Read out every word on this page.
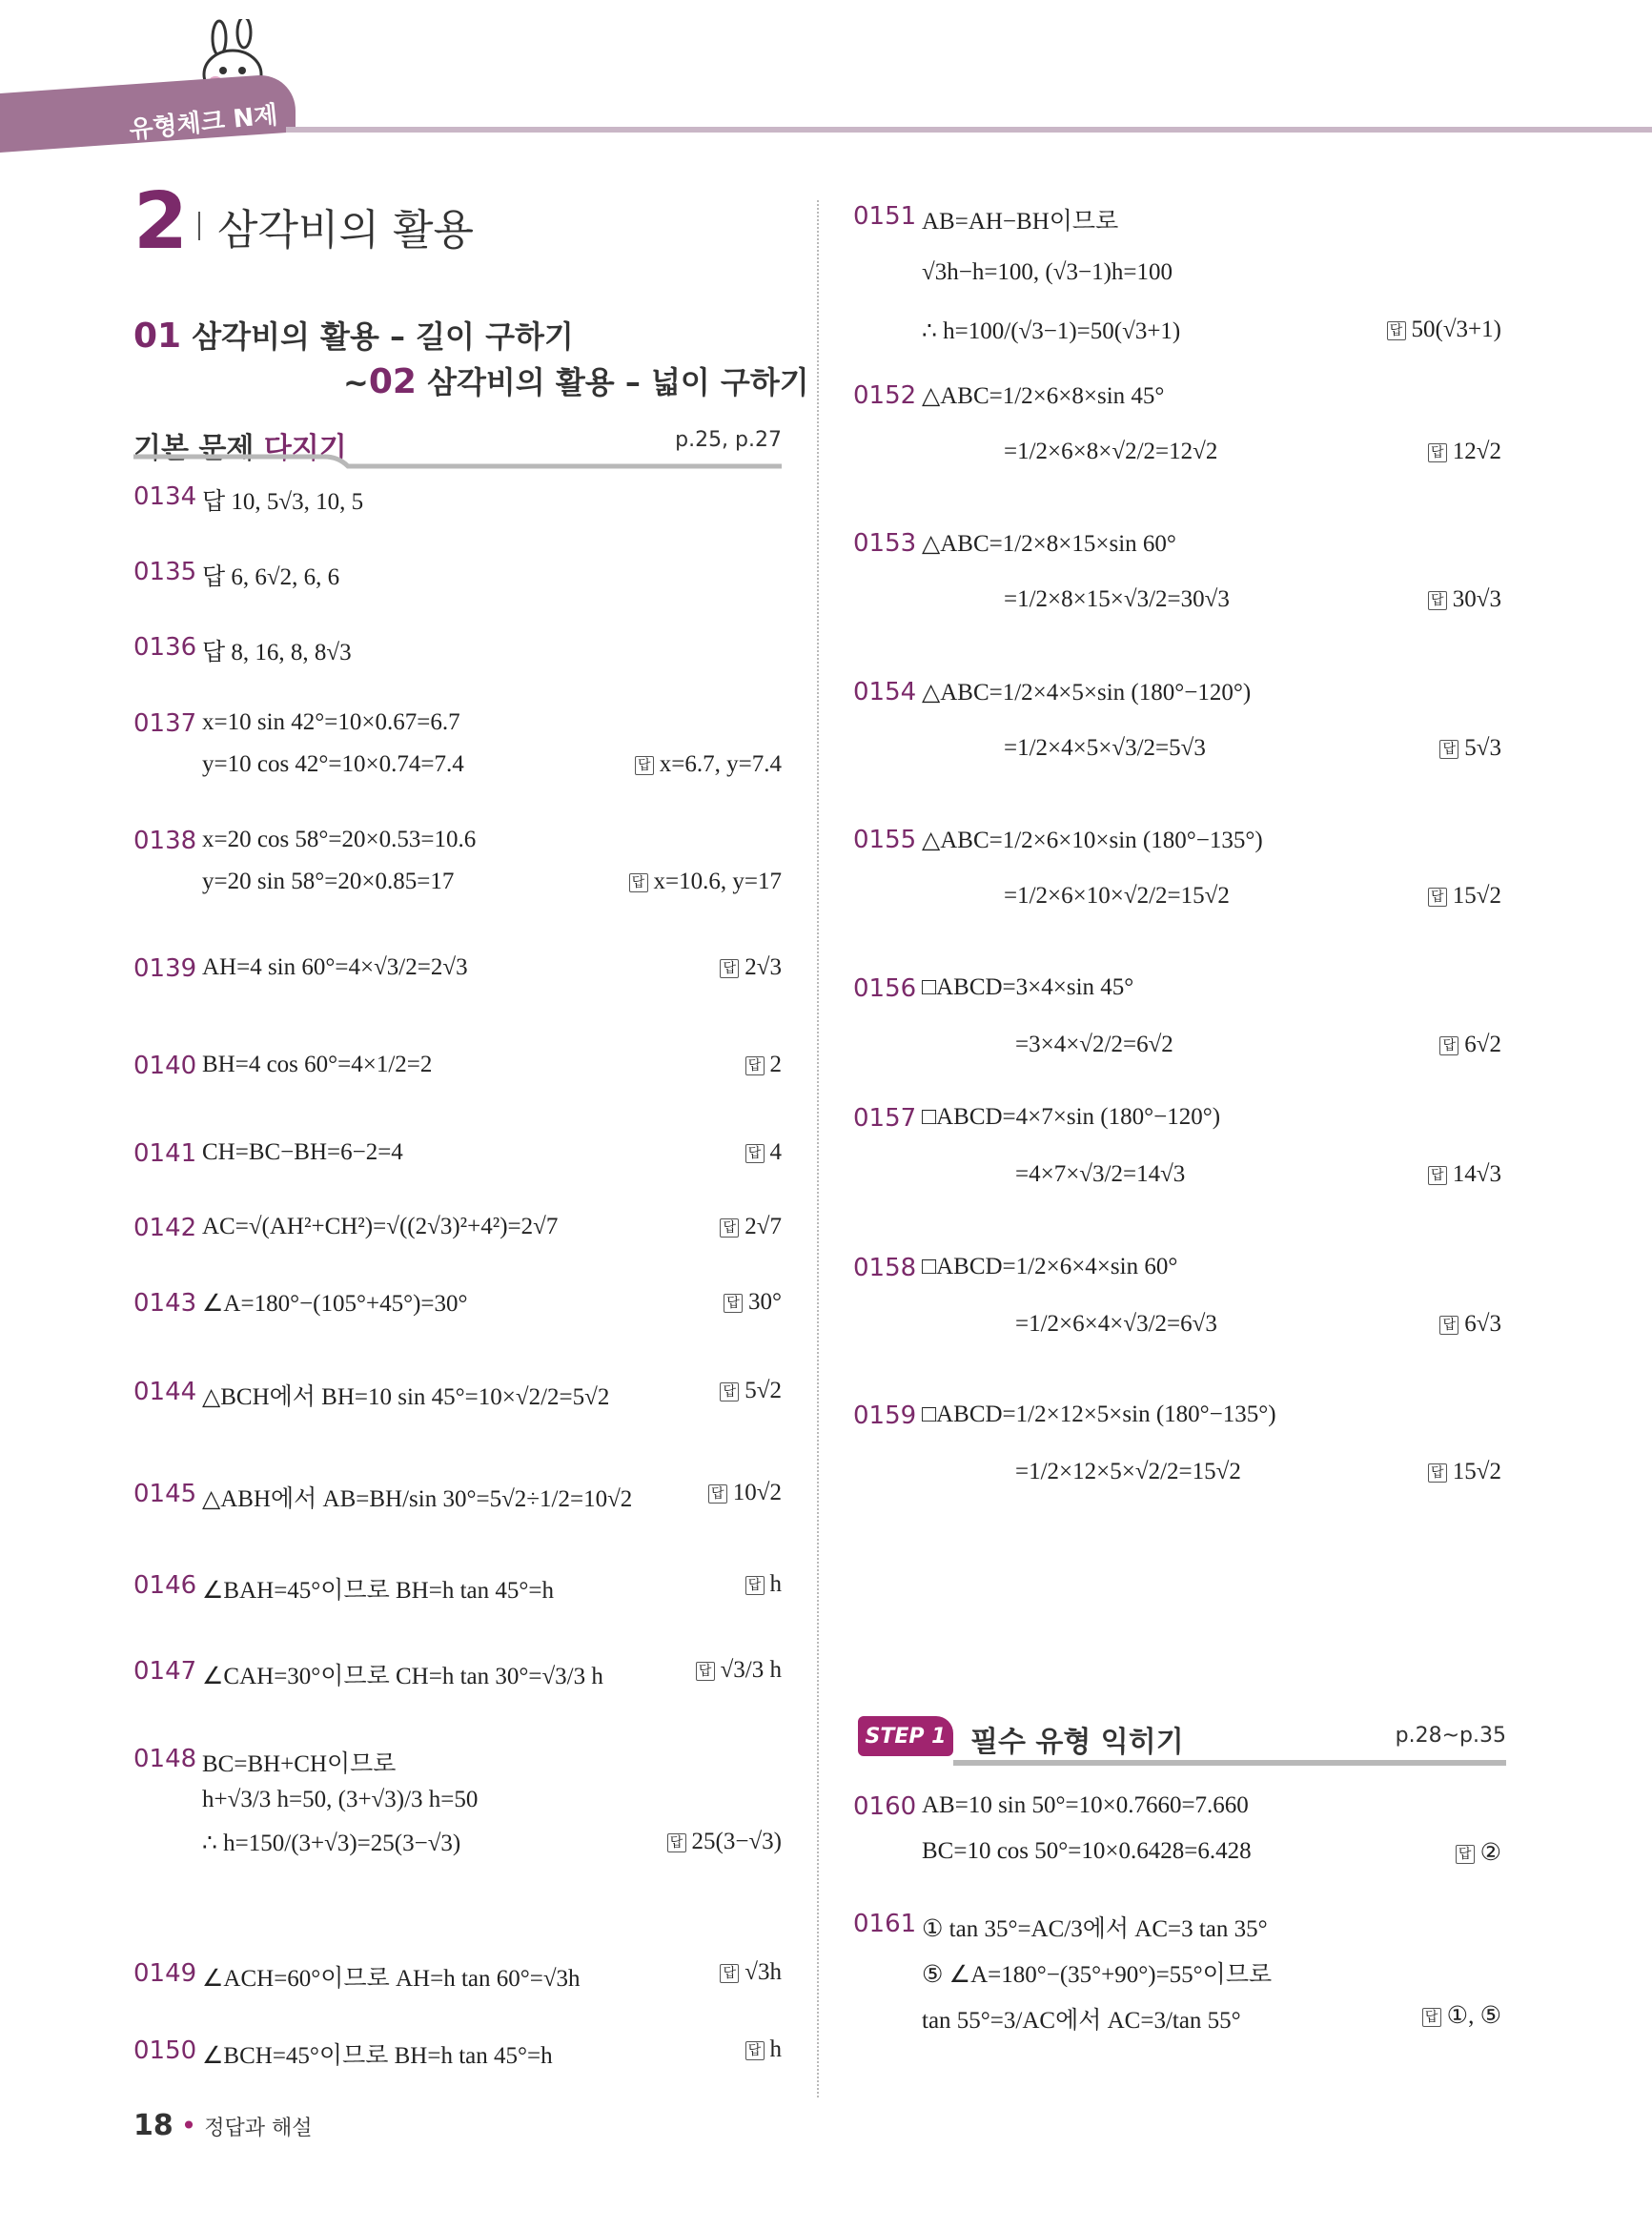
유형체크 N제
2 삼각비의 활용
01 삼각비의 활용 – 길이 구하기
~02 삼각비의 활용 – 넓이 구하기
기본 문제 다지기	p.25, p.27
0134 답 10, 5√3, 10, 5
0135 답 6, 6√2, 6, 6
0136 답 8, 16, 8, 8√3
0137 x=10 sin 42°=10×0.67=6.7
y=10 cos 42°=10×0.74=7.4	답 x=6.7, y=7.4
0138 x=20 cos 58°=20×0.53=10.6
y=20 sin 58°=20×0.85=17	답 x=10.6, y=17
0139 AH=4 sin 60°=4×√3/2=2√3	답 2√3
0140 BH=4 cos 60°=4×1/2=2	답 2
0141 CH=BC−BH=6−2=4	답 4
0142 AC=√(AH²+CH²)=√((2√3)²+4²)=2√7	답 2√7
0143 ∠A=180°−(105°+45°)=30°	답 30°
0144 △BCH에서 BH=10 sin 45°=10×√2/2=5√2	답 5√2
0145 △ABH에서 AB=BH/sin 30°=5√2÷1/2=10√2	답 10√2
0146 ∠BAH=45°이므로 BH=h tan 45°=h	답 h
0147 ∠CAH=30°이므로 CH=h tan 30°=√3/3 h	답 √3/3 h
0148 BC=BH+CH이므로
h+√3/3 h=50, (3+√3)/3 h=50
∴ h=150/(3+√3)=25(3−√3)	답 25(3−√3)
0149 ∠ACH=60°이므로 AH=h tan 60°=√3h	답 √3h
0150 ∠BCH=45°이므로 BH=h tan 45°=h	답 h
0151 AB=AH−BH이므로
√3h−h=100, (√3−1)h=100
∴ h=100/(√3−1)=50(√3+1)	답 50(√3+1)
0152 △ABC=1/2×6×8×sin 45°
=1/2×6×8×√2/2=12√2	답 12√2
0153 △ABC=1/2×8×15×sin 60°
=1/2×8×15×√3/2=30√3	답 30√3
0154 △ABC=1/2×4×5×sin (180°−120°)
=1/2×4×5×√3/2=5√3	답 5√3
0155 △ABC=1/2×6×10×sin (180°−135°)
=1/2×6×10×√2/2=15√2	답 15√2
0156 □ABCD=3×4×sin 45°
=3×4×√2/2=6√2	답 6√2
0157 □ABCD=4×7×sin (180°−120°)
=4×7×√3/2=14√3	답 14√3
0158 □ABCD=1/2×6×4×sin 60°
=1/2×6×4×√3/2=6√3	답 6√3
0159 □ABCD=1/2×12×5×sin (180°−135°)
=1/2×12×5×√2/2=15√2	답 15√2
STEP 1 필수 유형 익히기	p.28~p.35
0160 AB=10 sin 50°=10×0.7660=7.660
BC=10 cos 50°=10×0.6428=6.428	답 ②
0161 ① tan 35°=AC/3에서 AC=3 tan 35°
⑤ ∠A=180°−(35°+90°)=55°이므로
tan 55°=3/AC에서 AC=3/tan 55°	답 ①, ⑤
18 • 정답과 해설
